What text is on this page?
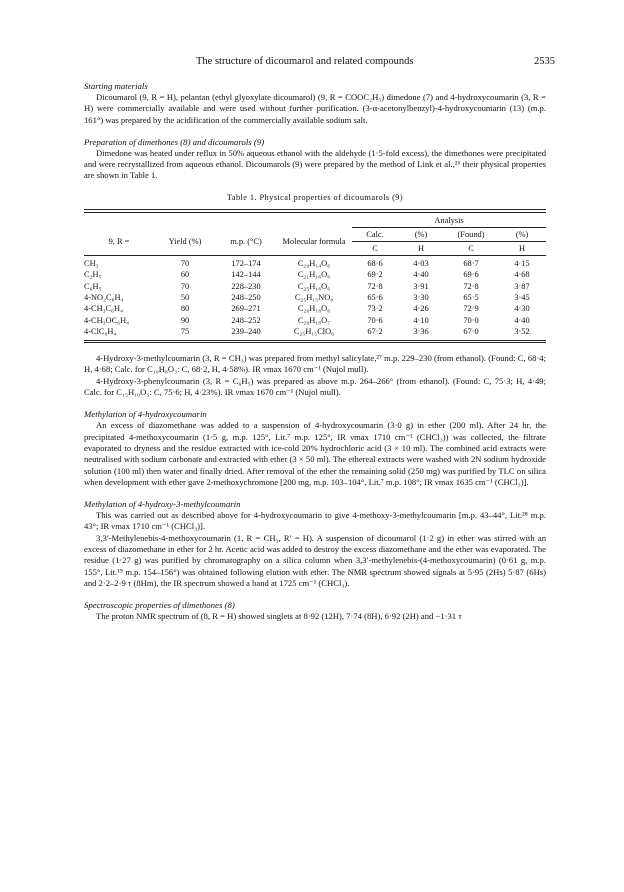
The structure of dicoumarol and related compounds	2535
Starting materials

Dicoumarol (9, R = H), pelantan (ethyl glyoxylate dicoumarol) (9, R = COOC₂H₅) dimedone (7) and 4-hydroxycoumarin (3, R = H) were commercially available and were used without further purification. (3-α-acetonylbenzyl)-4-hydroxycoumarin (13) (m.p. 161°) was prepared by the acidification of the commercially available sodium salt.

Preparation of dimethones (8) and dicoumarols (9)

Dimedone was heated under reflux in 50% aqueous ethanol with the aldehyde (1·5-fold excess), the dimethones were precipitated and were recrystallized from aqueous ethanol. Dicoumarols (9) were prepared by the method of Link et al.,²⁶ their physical properties are shown in Table 1.

Table 1. Physical properties of dicoumarols (9)

				Analysis			
9, R =	Yield (%)	m.p. (°C)	Molecular formula	Calc.	(%)	(Found)	(%)
				C	H	C	H

CH₃	70	172–174	C₂₀H₁₄O₆	68·6	4·03	68·7	4·15
C₂H₅	60	142–144	C₂₁H₁₆O₆	69·2	4·40	69·6	4·68
C₆H₅	70	228–230	C₂₅H₁₆O₆	72·8	3·91	72·8	3·87
4-NO₂C₆H₄	50	248–250	C₂₅H₁₅NO₈	65·6	3·30	65·5	3·45
4-CH₃C₆H₄	80	269–271	C₂₆H₁₈O₆	73·2	4·26	72·9	4·30
4-CH₃OC₆H₄	90	248–252	C₂₆H₁₈O₇	70·6	4·10	70·0	4·40
4-ClC₆H₄	75	239–240	C₂₅H₁₅ClO₆	67·2	3·36	67·0	3·52

4-Hydroxy-3-methylcoumarin (3, R = CH₃) was prepared from methyl salicylate,²⁷ m.p. 229–230 (from ethanol). (Found: C, 68·4; H, 4·68; Calc. for C₁₀H₈O₃: C, 68·2, H, 4·58%). IR νmax 1670 cm⁻¹ (Nujol mull).

4-Hydroxy-3-phenylcoumarin (3, R = C₆H₅) was prepared as above m.p. 264–266° (from ethanol). (Found: C, 75·3; H, 4·49; Calc. for C₁₅H₁₀O₃: C, 75·6; H, 4·23%). IR νmax 1670 cm⁻¹ (Nujol mull).

Methylation of 4-hydroxycoumarin

An excess of diazomethane was added to a suspension of 4-hydroxycoumarin (3·0 g) in ether (200 ml). After 24 hr, the precipitated 4-methoxycoumarin (1·5 g, m.p. 125°, Lit.⁷ m.p. 125°, IR νmax 1710 cm⁻¹ (CHCl₃)) was collected, the filtrate evaporated to dryness and the residue extracted with ice-cold 20% hydrochloric acid (3 × 10 ml). The combined acid extracts were neutralised with sodium carbonate and extracted with ether (3 × 50 ml). The ethereal extracts were washed with 2N sodium hydroxide solution (100 ml) then water and finally dried. After removal of the ether the remaining solid (250 mg) was purified by TLC on silica when development with ether gave 2-methoxychromone [200 mg, m.p. 103–104°, Lit.⁷ m.p. 108°; IR νmax 1635 cm⁻¹ (CHCl₃)].

Methylation of 4-hydroxy-3-methylcoumarin

This was carried out as described above for 4-hydroxycoumarin to give 4-methoxy-3-methylcoumarin [m.p. 43–44°, Lit.²⁸ m.p. 43°; IR νmax 1710 cm⁻¹ (CHCl₃)].

3,3′-Methylenebis-4-methoxycoumarin (1, R = CH₃, R′ = H). A suspension of dicoumarol (1·2 g) in ether was stirred with an excess of diazomethane in ether for 2 hr. Acetic acid was added to destroy the excess diazomethane and the ether was evaporated. The residue (1·27 g) was purified by chromatography on a silica column when 3,3′-methylenebis-(4-methoxycoumarin) (0·61 g, m.p. 155°, Lit.¹⁹ m.p. 154–156°) was obtained following elution with ether. The NMR spectrum showed signals at 5·95 (2Hs) 5·87 (6Hs) and 2·2–2·9 τ (8Hm), the IR spectrum showed a band at 1725 cm⁻¹ (CHCl₃).

Spectroscopic properties of dimethones (8)

The proton NMR spectrum of (8, R = H) showed singlets at 8·92 (12H), 7·74 (8H), 6·92 (2H) and −1·31 τ
